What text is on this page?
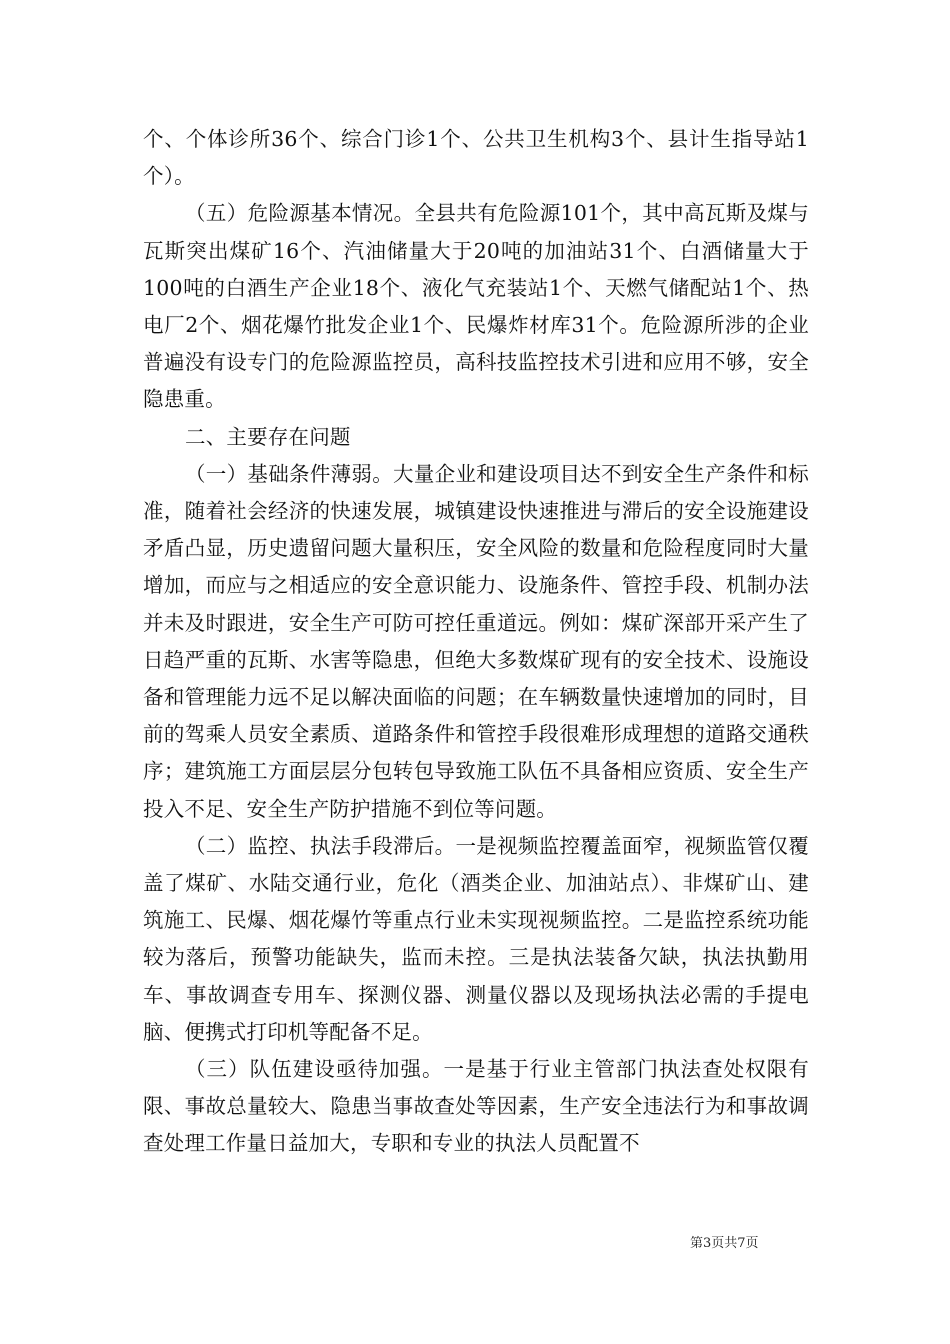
个、个体诊所36个、综合门诊1个、公共卫生机构3个、县计生指导站1个）。

（五）危险源基本情况。全县共有危险源101个，其中高瓦斯及煤与瓦斯突出煤矿16个、汽油储量大于20吨的加油站31个、白酒储量大于100吨的白酒生产企业18个、液化气充装站1个、天燃气储配站1个、热电厂2个、烟花爆竹批发企业1个、民爆炸材库31个。危险源所涉的企业普遍没有设专门的危险源监控员，高科技监控技术引进和应用不够，安全隐患重。

二、主要存在问题

（一）基础条件薄弱。大量企业和建设项目达不到安全生产条件和标准，随着社会经济的快速发展，城镇建设快速推进与滞后的安全设施建设矛盾凸显，历史遗留问题大量积压，安全风险的数量和危险程度同时大量增加，而应与之相适应的安全意识能力、设施条件、管控手段、机制办法并未及时跟进，安全生产可防可控任重道远。例如：煤矿深部开采产生了日趋严重的瓦斯、水害等隐患，但绝大多数煤矿现有的安全技术、设施设备和管理能力远不足以解决面临的问题；在车辆数量快速增加的同时，目前的驾乘人员安全素质、道路条件和管控手段很难形成理想的道路交通秩序；建筑施工方面层层分包转包导致施工队伍不具备相应资质、安全生产投入不足、安全生产防护措施不到位等问题。

（二）监控、执法手段滞后。一是视频监控覆盖面窄，视频监管仅覆盖了煤矿、水陆交通行业，危化（酒类企业、加油站点）、非煤矿山、建筑施工、民爆、烟花爆竹等重点行业未实现视频监控。二是监控系统功能较为落后，预警功能缺失，监而未控。三是执法装备欠缺，执法执勤用车、事故调查专用车、探测仪器、测量仪器以及现场执法必需的手提电脑、便携式打印机等配备不足。

（三）队伍建设亟待加强。一是基于行业主管部门执法查处权限有限、事故总量较大、隐患当事故查处等因素，生产安全违法行为和事故调查处理工作量日益加大，专职和专业的执法人员配置不

第3页共7页
